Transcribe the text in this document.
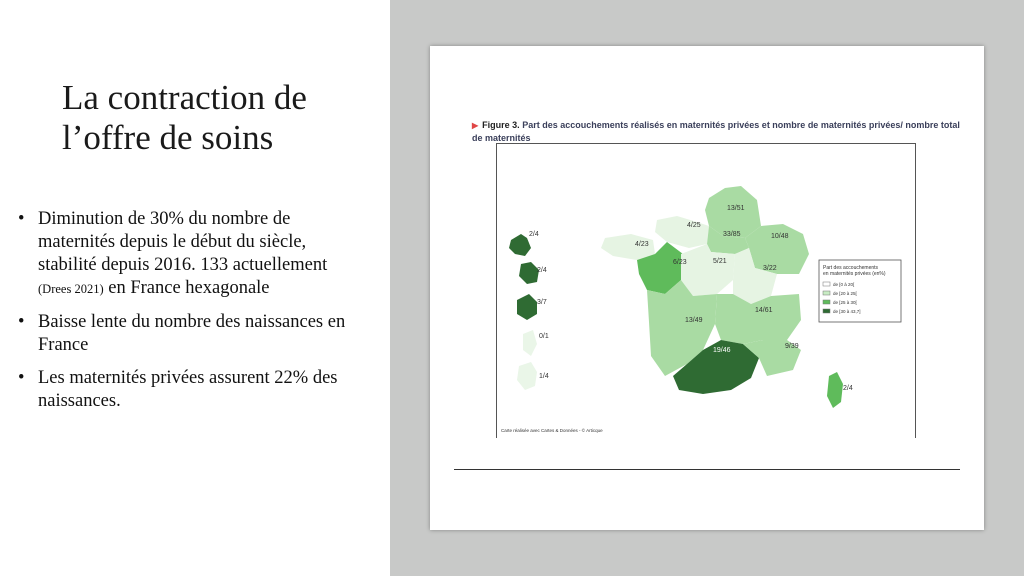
La contraction de l’offre de soins
• Diminution de 30% du nombre de maternités depuis le début du siècle, stabilité depuis 2016. 133 actuellement (Drees 2021) en France hexagonale
• Baisse lente du nombre des naissances en France
• Les maternités privées assurent 22% des naissances.
▶ Figure 3. Part des accouchements réalisés en maternités privées et nombre de maternités privées/ nombre total de maternités
13/51
4/25
33/85	10/48
4/23
6/23	5/21
3/22
14/61
13/49
9/39
19/46
2/4
2/4
3/7
0/1
1/4
2/4
Part des accouchements
en maternités privées (en%)
de [0 à 20[
de [20 à 25[
de [25 à 30[
de [30 à 43,7]
Carte réalisée avec Cartes & Données - © Articque
